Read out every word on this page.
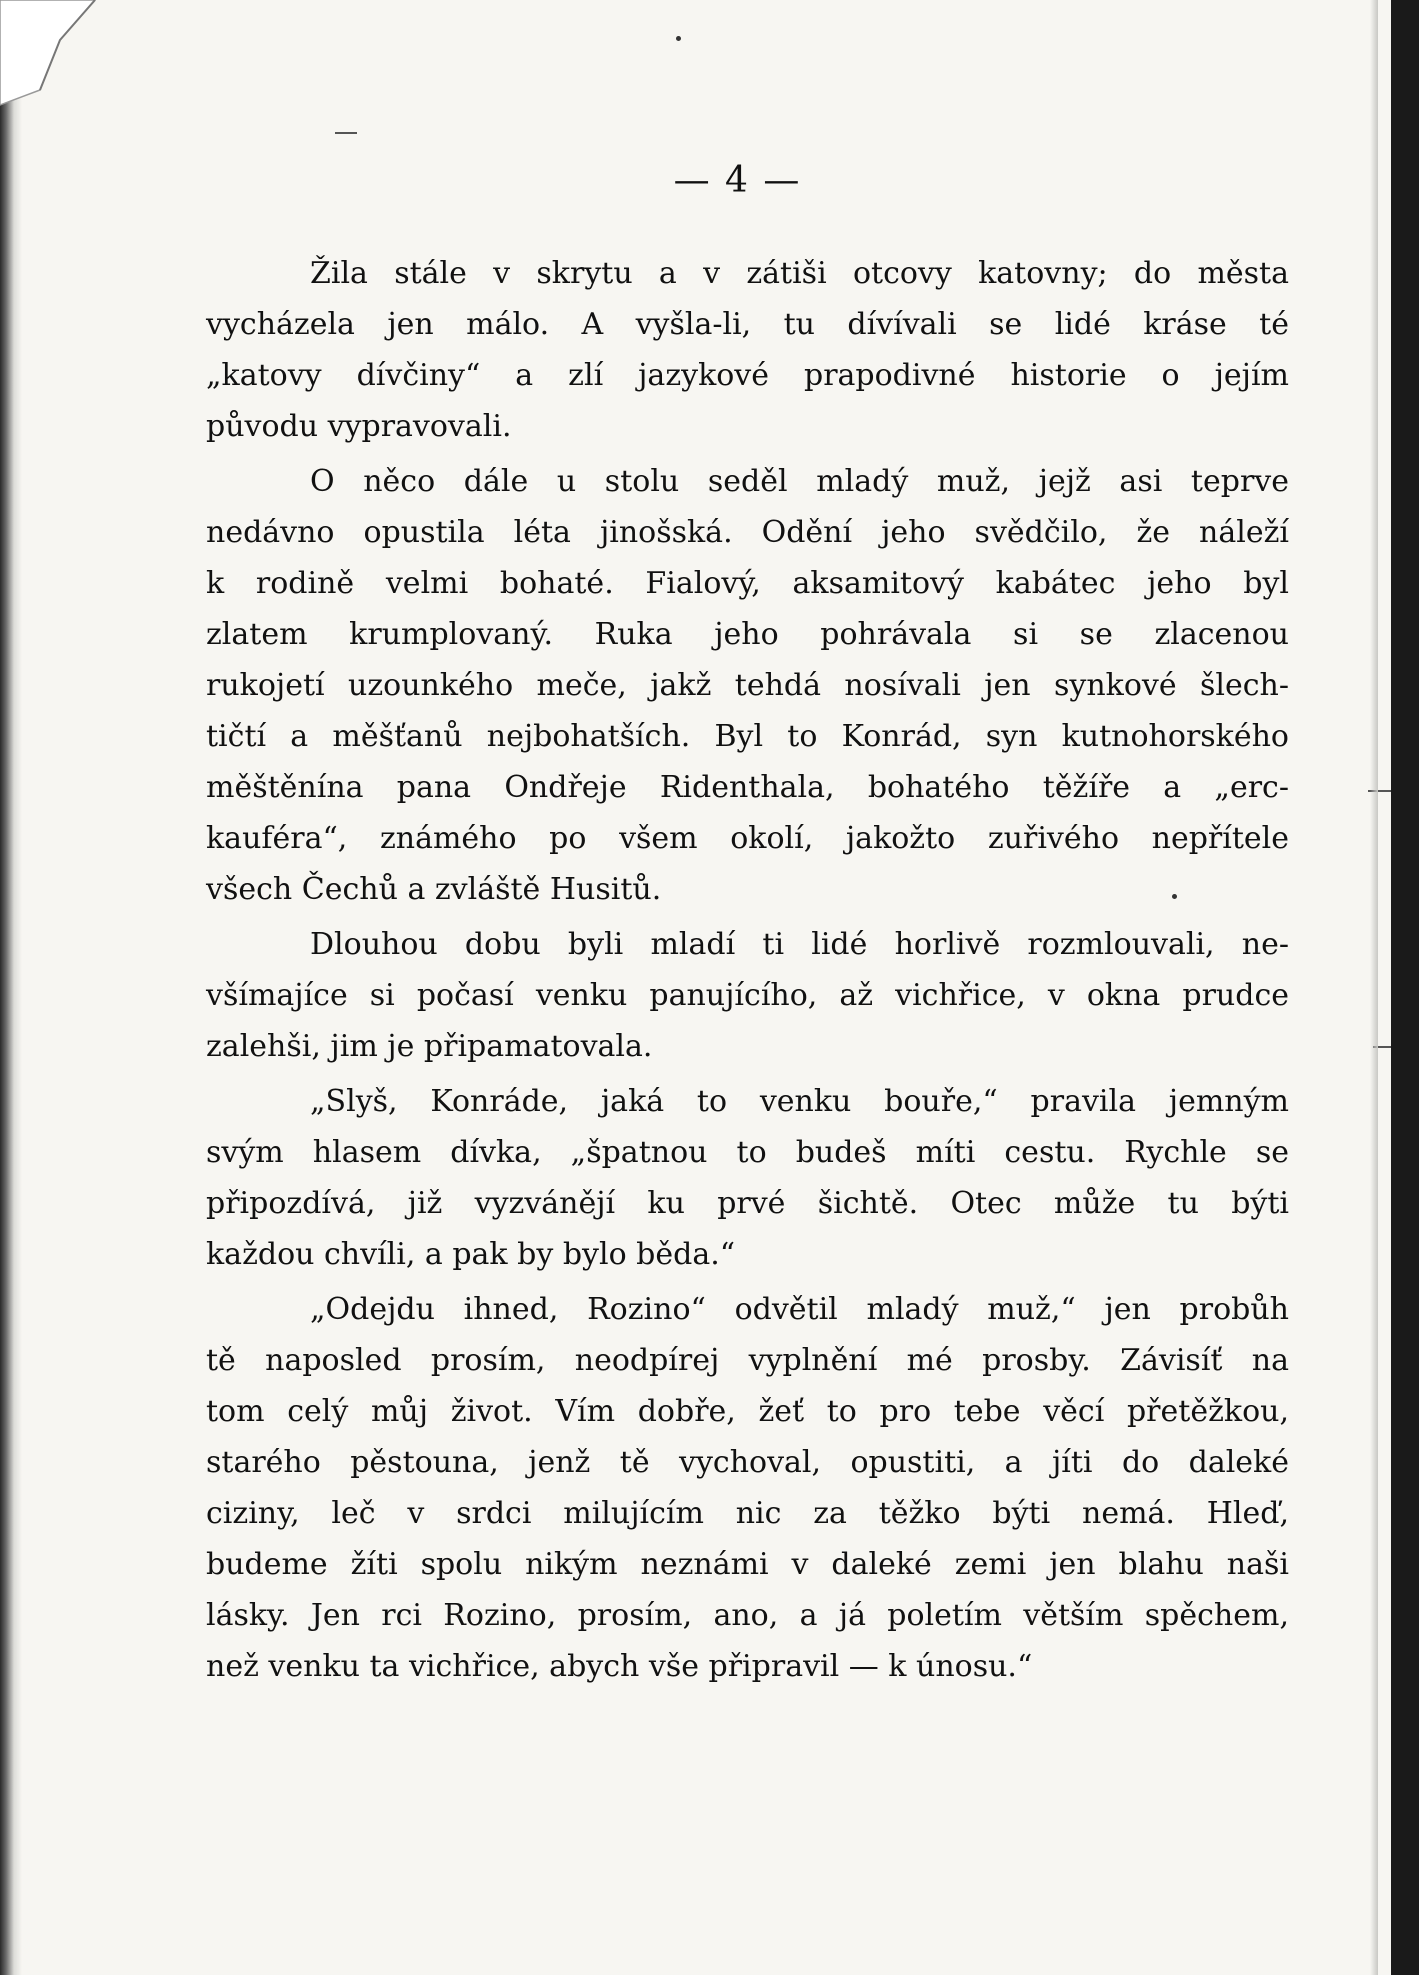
— 4 —

Žila stále v skrytu a v zátiši otcovy katovny; do města
vycházela jen málo. A vyšla-li, tu dívívali se lidé kráse té
„katovy dívčiny“ a zlí jazykové prapodivné historie o jejím
původu vypravovali.

O něco dále u stolu seděl mladý muž, jejž asi teprve
nedávno opustila léta jinošská. Odění jeho svědčilo, že náleží
k rodině velmi bohaté. Fialový, aksamitový kabátec jeho byl
zlatem krumplovaný. Ruka jeho pohrávala si se zlacenou
rukojetí uzounkého meče, jakž tehdá nosívali jen synkové šlech-
tičtí a měšťanů nejbohatších. Byl to Konrád, syn kutnohorského
měštěnína pana Ondřeje Ridenthala, bohatého těžíře a „erc-
kauféra“, známého po všem okolí, jakožto zuřivého nepřítele
všech Čechů a zvláště Husitů.

Dlouhou dobu byli mladí ti lidé horlivě rozmlouvali, ne-
všímajíce si počasí venku panujícího, až vichřice, v okna prudce
zalehši, jim je připamatovala.

„Slyš, Konráde, jaká to venku bouře,“ pravila jemným
svým hlasem dívka, „špatnou to budeš míti cestu. Rychle se
připozdívá, již vyzvánějí ku prvé šichtě. Otec může tu býti
každou chvíli, a pak by bylo běda.“

„Odejdu ihned, Rozino“ odvětil mladý muž,“ jen probůh
tě naposled prosím, neodpírej vyplnění mé prosby. Závisíť na
tom celý můj život. Vím dobře, žeť to pro tebe věcí přetěžkou,
starého pěstouna, jenž tě vychoval, opustiti, a jíti do daleké
ciziny, leč v srdci milujícím nic za těžko býti nemá. Hleď,
budeme žíti spolu nikým neznámi v daleké zemi jen blahu naši
lásky. Jen rci Rozino, prosím, ano, a já poletím větším spěchem,
než venku ta vichřice, abych vše připravil — k únosu.“
